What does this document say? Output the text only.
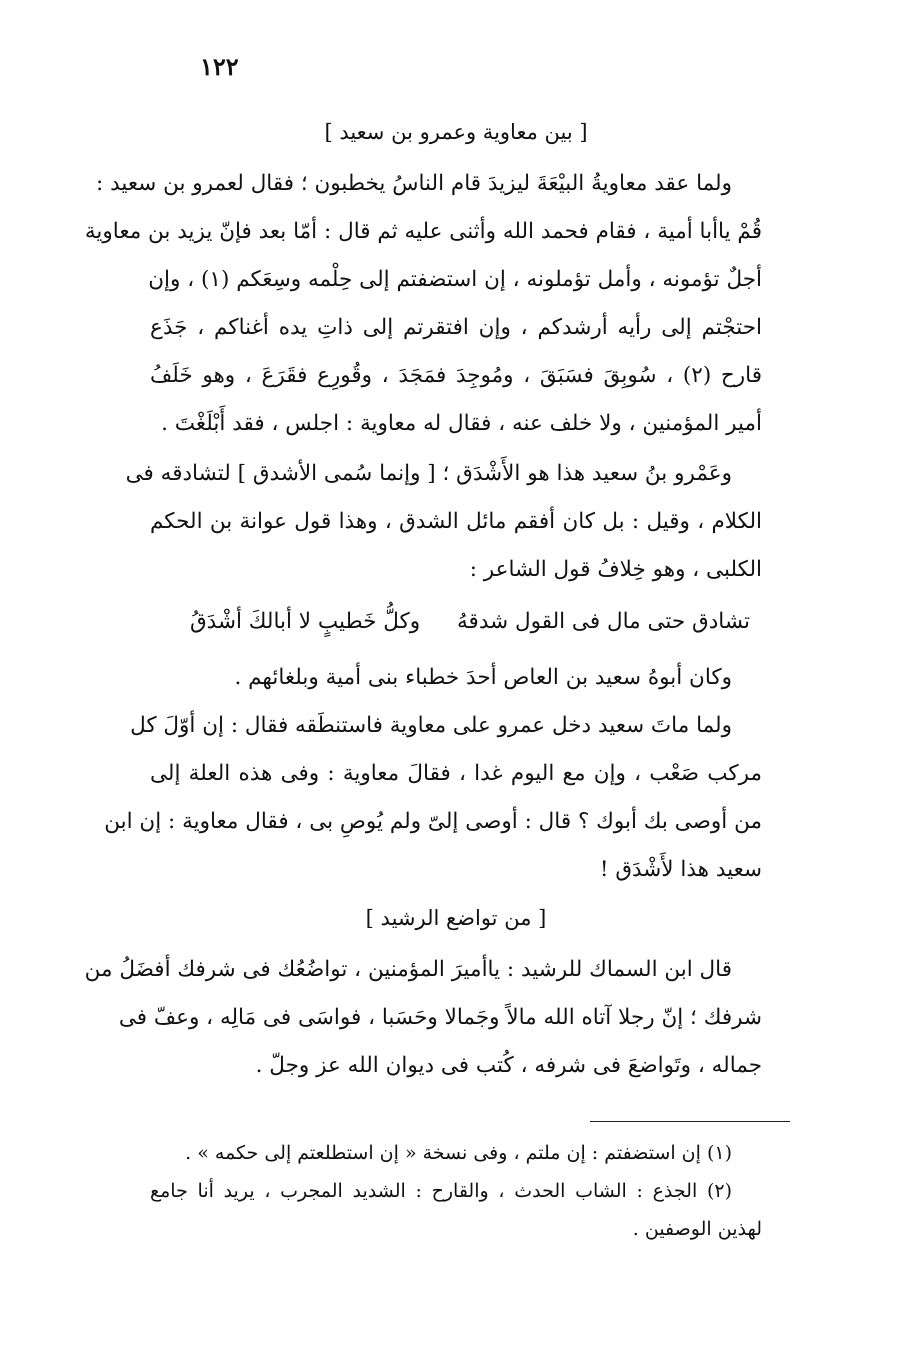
١٢٢
[ بين معاوية وعمرو بن سعيد ]
ولما عقد معاويةُ البيْعَةَ ليزيدَ قام الناسُ يخطبون ؛ فقال لعمرو بن سعيد :
قُمْ ياأبا أمية ، فقام فحمد الله وأثنى عليه ثم قال : أمّا بعد فإنّ يزيد بن معاوية
أجلٌ تؤمونه ، وأمل تؤملونه ، إن استضفتم إلى حِلْمه وسِعَكم (١) ، وإن
احتجْتم إلى رأيه أرشدكم ، وإن افتقرتم إلى ذاتِ يده أغناكم ، جَذَع
قارح (٢) ، سُوبِقَ فسَبَقَ ، ومُوجِدَ فمَجَدَ ، وقُورِع فقَرَعَ ، وهو خَلَفُ
أمير المؤمنين ، ولا خلف عنه ، فقال له معاوية : اجلس ، فقد أَبْلَغْتَ .
وعَمْرو بنُ سعيد هذا هو الأَشْدَق ؛ [ وإنما سُمى الأشدق ] لتشادقه فى
الكلام ، وقيل : بل كان أفقم مائل الشدق ، وهذا قول عوانة بن الحكم
الكلبى ، وهو خِلافُ قول الشاعر :
تشادق حتى مال فى القول شدقهُ
وكلُّ خَطيبٍ لا أبالكَ أشْدَقُ
وكان أبوهُ سعيد بن العاص أحدَ خطباء بنى أمية وبلغائهم .
ولما ماتَ سعيد دخل عمرو على معاوية فاستنطَقه فقال : إن أوّلَ كل
مركب صَعْب ، وإن مع اليوم غدا ، فقالَ معاوية : وفى هذه العلة إلى
من أوصى بك أبوك ؟ قال : أوصى إلىّ ولم يُوصِ بى ، فقال معاوية : إن ابن
سعيد هذا لأَشْدَق !
[ من تواضع الرشيد ]
قال ابن السماك للرشيد : ياأميرَ المؤمنين ، تواضُعُك فى شرفك أفضَلُ من
شرفك ؛ إنّ رجلا آتاه الله مالاً وجَمالا وحَسَبا ، فواسَى فى مَالِه ، وعفّ فى
جماله ، وتَواضعَ فى شرفه ، كُتب فى ديوان الله عز وجلّ .
(١) إن استضفتم : إن ملتم ، وفى نسخة « إن استطلعتم إلى حكمه » .
(٢) الجذع : الشاب الحدث ، والقارح : الشديد المجرب ، يريد أنا جامع
لهذين الوصفين .
